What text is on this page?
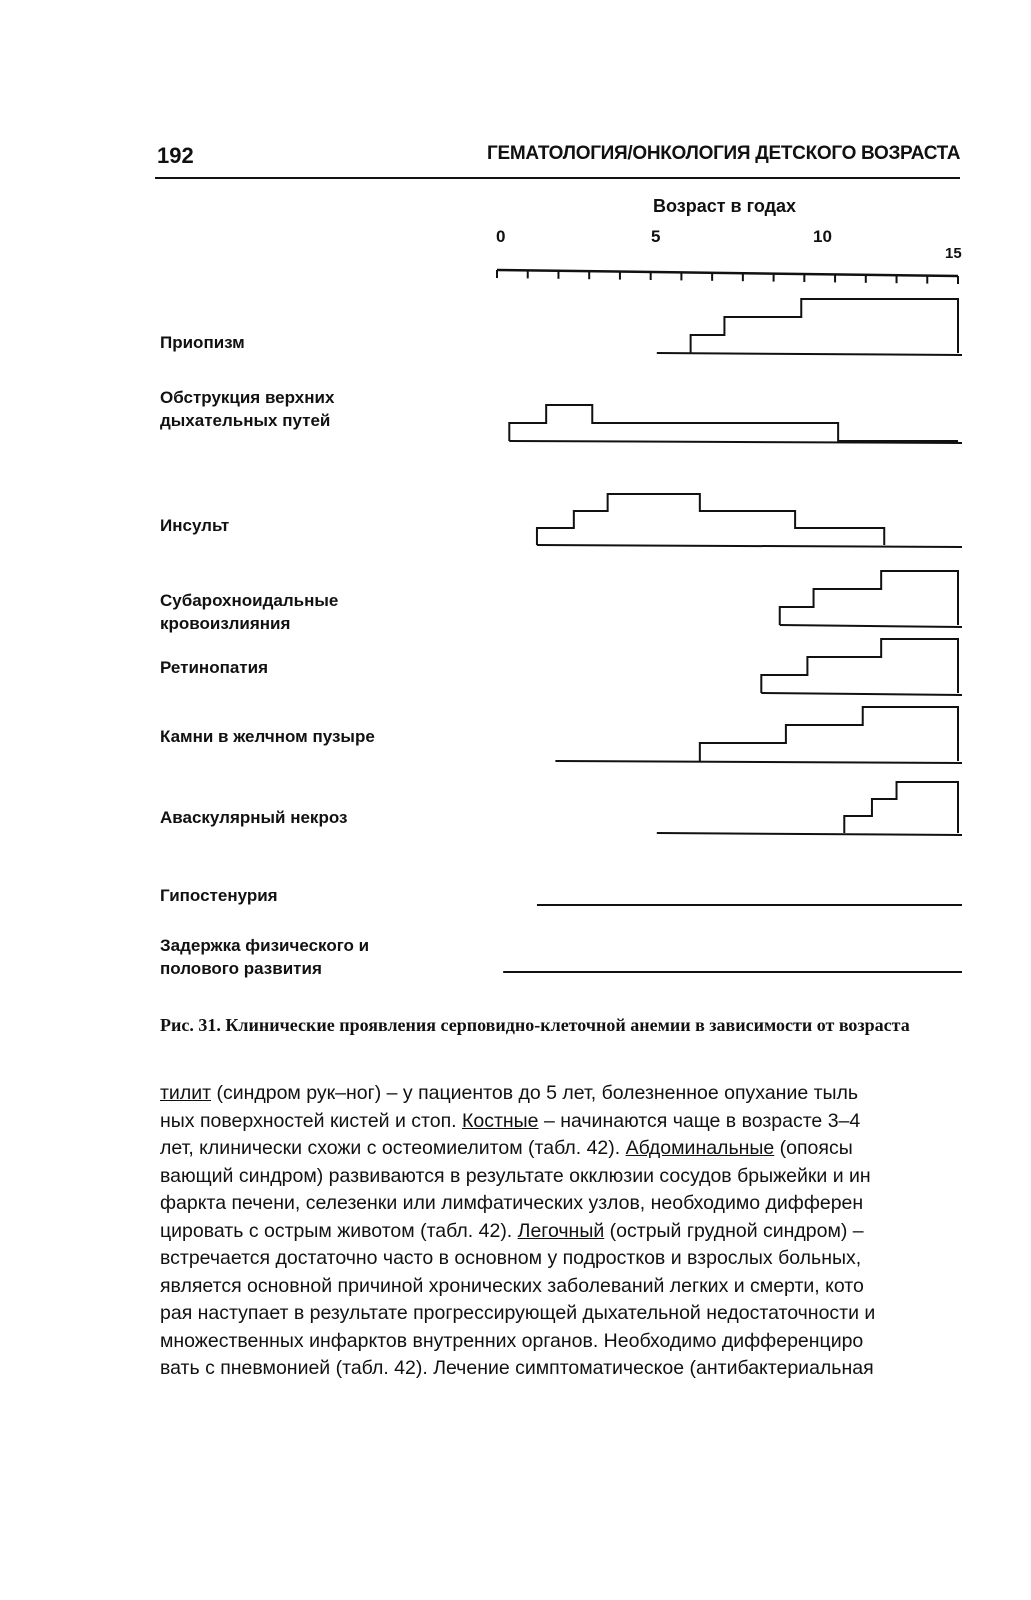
192	ГЕМАТОЛОГИЯ/ОНКОЛОГИЯ ДЕТСКОГО ВОЗРАСТА
Возраст в годах
0	5	10
15
Приопизм
Обструкция верхних дыхательных путей
Инсульт
Субарохноидальные кровоизлияния
Ретинопатия
Камни в желчном пузыре
Аваскулярный некроз
Гипостенурия
Задержка физического и полового развития
Рис. 31. Клинические проявления серповидно-клеточной анемии в зависимости от возраста
тилит (синдром рук–ног) – у пациентов до 5 лет, болезненное опухание тыль
ных поверхностей кистей и стоп. Костные – начинаются чаще в возрасте 3–4
лет, клинически схожи с остеомиелитом (табл. 42). Абдоминальные (опоясы
вающий синдром) развиваются в результате окклюзии сосудов брыжейки и ин
фаркта печени, селезенки или лимфатических узлов, необходимо дифферен
цировать с острым животом (табл. 42). Легочный (острый грудной синдром) –
встречается достаточно часто в основном у подростков и взрослых больных,
является основной причиной хронических заболеваний легких и смерти, кото
рая наступает в результате прогрессирующей дыхательной недостаточности и
множественных инфарктов внутренних органов. Необходимо дифференциро
вать с пневмонией (табл. 42). Лечение симптоматическое (антибактериальная
